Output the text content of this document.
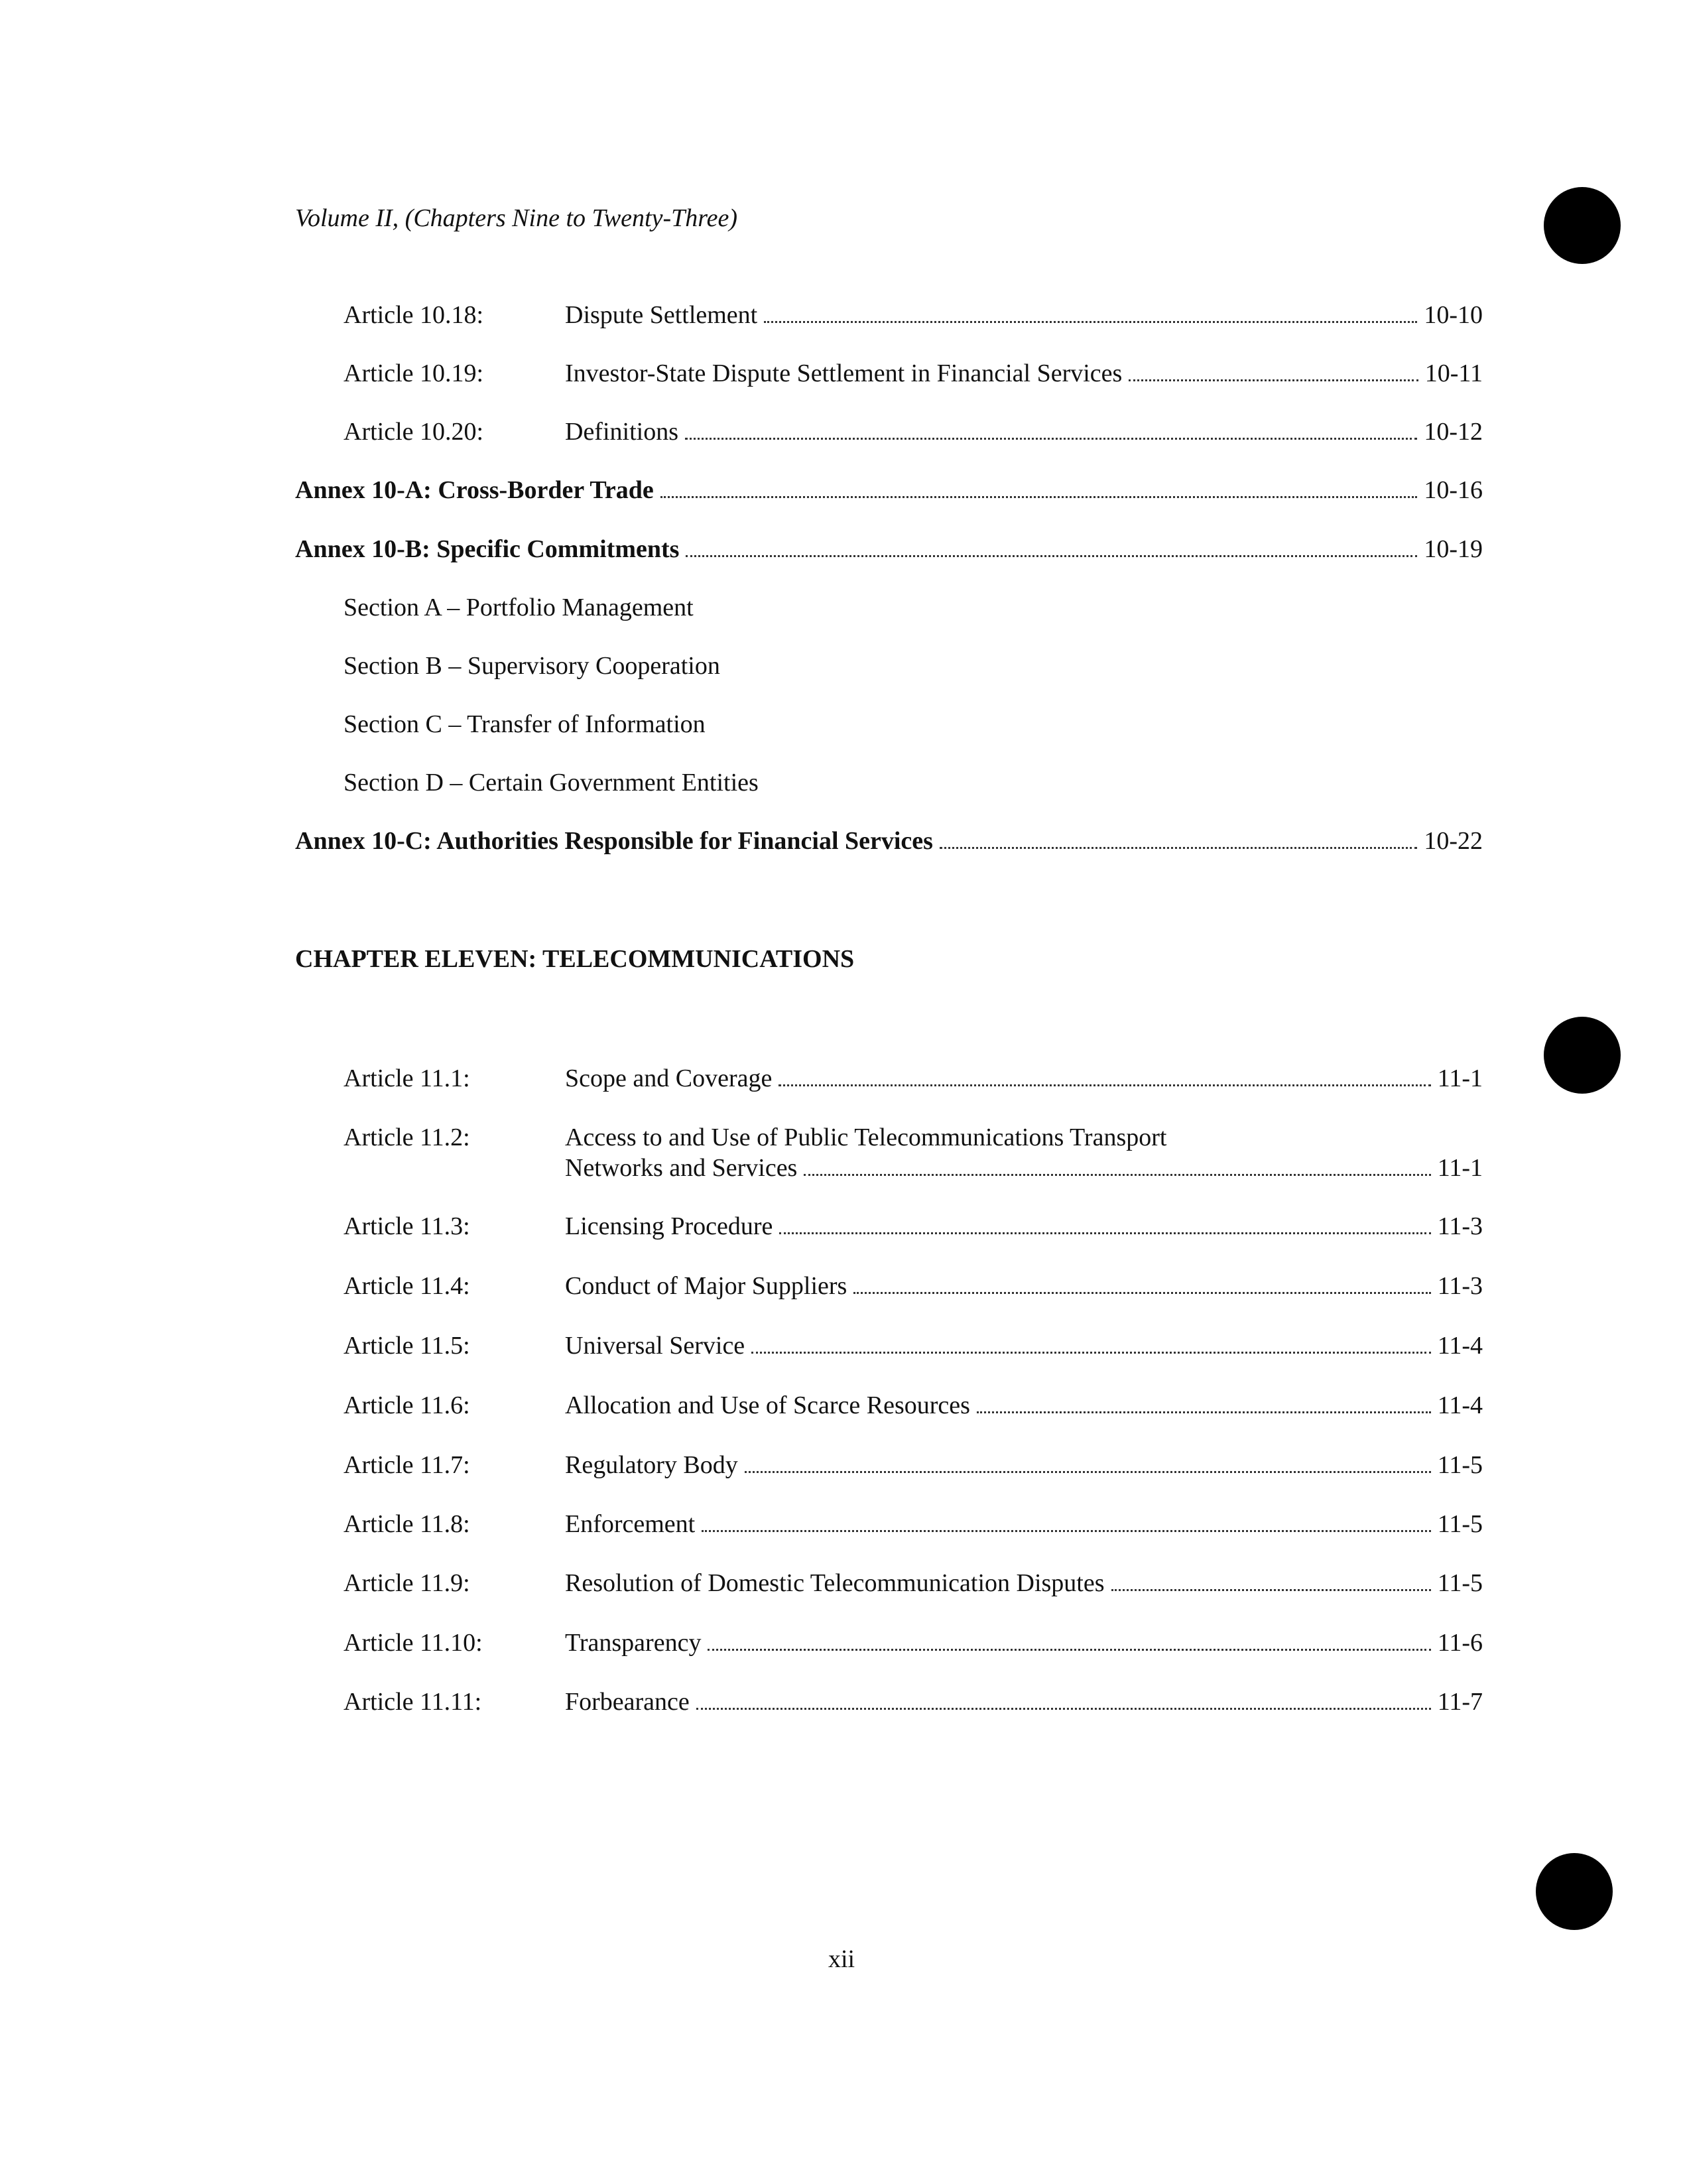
Volume II, (Chapters Nine to Twenty-Three)
Article 10.18:	Dispute Settlement	10-10
Article 10.19:	Investor-State Dispute Settlement in Financial Services	10-11
Article 10.20:	Definitions	10-12
Annex 10-A: Cross-Border Trade	10-16
Annex 10-B: Specific Commitments	10-19
Section A – Portfolio Management
Section B – Supervisory Cooperation
Section C – Transfer of Information
Section D – Certain Government Entities
Annex 10-C: Authorities Responsible for Financial Services	10-22
CHAPTER ELEVEN: TELECOMMUNICATIONS
Article 11.1:	Scope and Coverage	11-1
Article 11.2:	Access to and Use of Public Telecommunications Transport
Networks and Services	11-1
Article 11.3:	Licensing Procedure	11-3
Article 11.4:	Conduct of Major Suppliers	11-3
Article 11.5:	Universal Service	11-4
Article 11.6:	Allocation and Use of Scarce Resources	11-4
Article 11.7:	Regulatory Body	11-5
Article 11.8:	Enforcement	11-5
Article 11.9:	Resolution of Domestic Telecommunication Disputes	11-5
Article 11.10:	Transparency	11-6
Article 11.11:	Forbearance	11-7
xii
